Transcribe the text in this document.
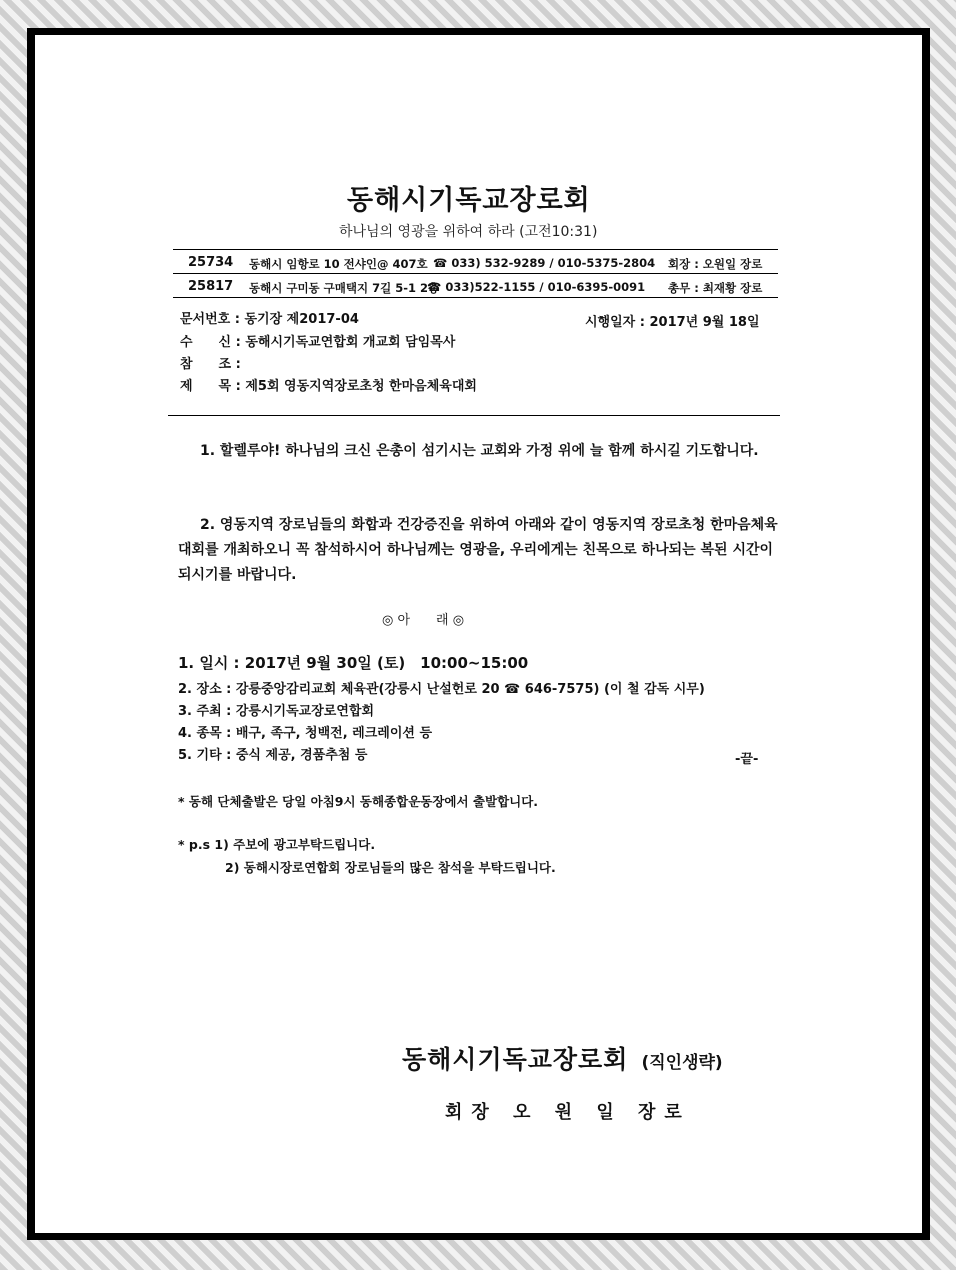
동해시기독교장로회
하나님의 영광을 위하여 하라 (고전10:31)
25734 동해시 임항로 10 전샤인@ 407호 ☎ 033) 532-9289 / 010-5375-2804 회장 : 오원일 장로
25817 동해시 구미동 구매택지 7길 5-1 2층
☎ 033)522-1155 / 010-6395-0091 총무 : 최재황 장로
문서번호 : 동기장 제2017-04	시행일자 : 2017년 9월 18일
수　　신 : 동해시기독교연합회 개교회 담임목사
참　　조 :
제　　목 : 제5회 영동지역장로초청 한마음체육대회
1. 할렐루야! 하나님의 크신 은총이 섬기시는 교회와 가정 위에 늘 함께 하시길 기도합니다.
2. 영동지역 장로님들의 화합과 건강증진을 위하여 아래와 같이 영동지역 장로초청 한마음체육대회를 개최하오니 꼭 참석하시어 하나님께는 영광을, 우리에게는 친목으로 하나되는 복된 시간이 되시기를 바랍니다.
◎ 아　　래 ◎
1. 일시 : 2017년 9월 30일 (토)　10:00~15:00
2. 장소 : 강릉중앙감리교회 체육관(강릉시 난설헌로 20 ☎ 646-7575) (이 철 감독 시무)
3. 주최 : 강릉시기독교장로연합회
4. 종목 : 배구, 족구, 청백전, 레크레이션 등
5. 기타 : 중식 제공, 경품추첨 등	-끝-
* 동해 단체출발은 당일 아침9시 동해종합운동장에서 출발합니다.
* p.s 1) 주보에 광고부탁드립니다.
2) 동해시장로연합회 장로님들의 많은 참석을 부탁드립니다.
동해시기독교장로회 (직인생략)
회장 오 원 일 장로
